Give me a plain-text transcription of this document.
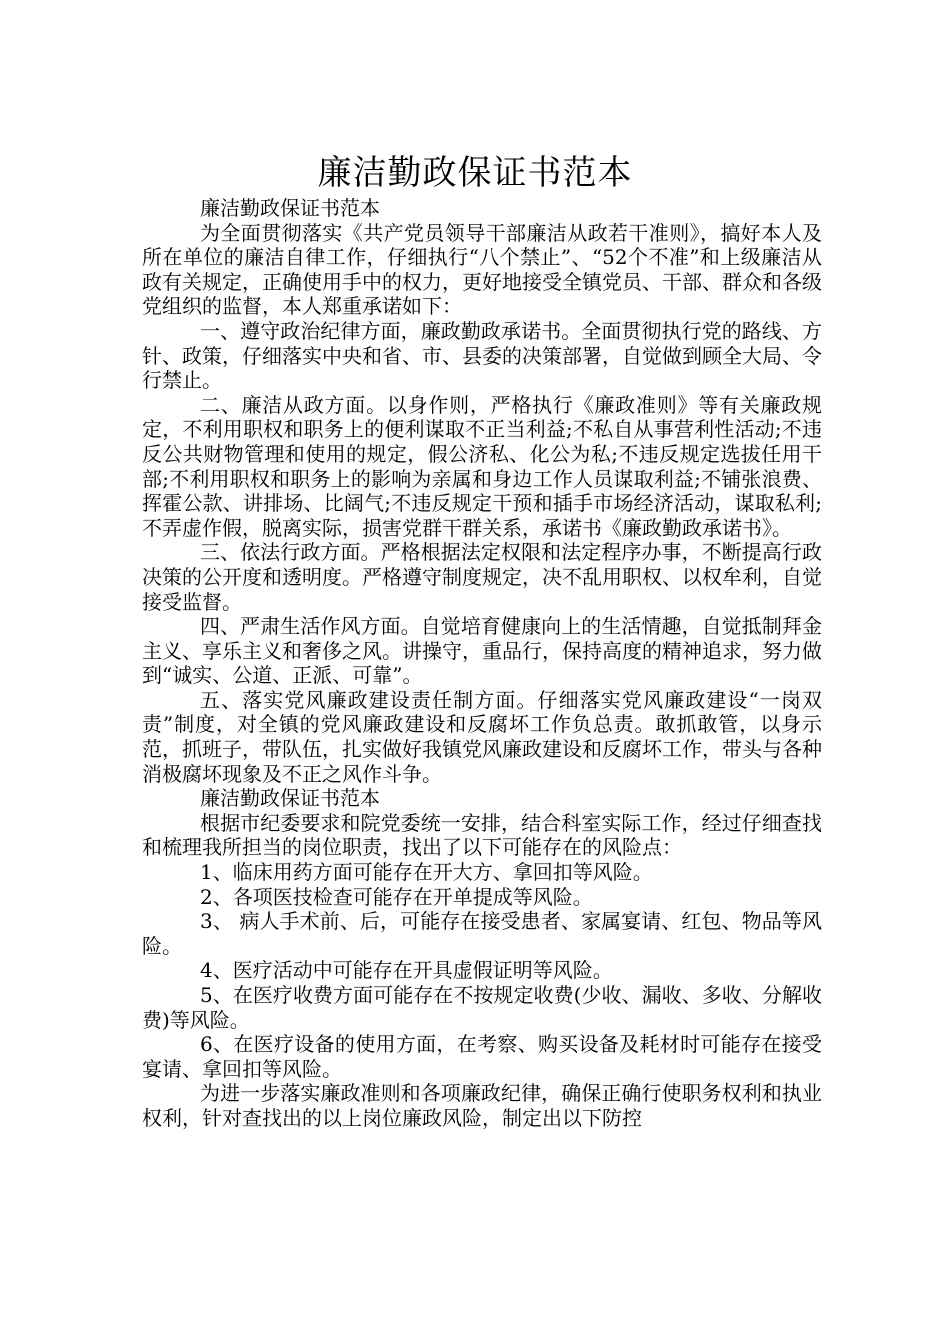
廉洁勤政保证书范本

廉洁勤政保证书范本

为全面贯彻落实《共产党员领导干部廉洁从政若干准则》，搞好本人及所在单位的廉洁自律工作，仔细执行“八个禁止”、“52个不准”和上级廉洁从政有关规定，正确使用手中的权力，更好地接受全镇党员、干部、群众和各级党组织的监督，本人郑重承诺如下：

一、遵守政治纪律方面，廉政勤政承诺书。全面贯彻执行党的路线、方针、政策，仔细落实中央和省、市、县委的决策部署，自觉做到顾全大局、令行禁止。

二、廉洁从政方面。以身作则，严格执行《廉政准则》等有关廉政规定，不利用职权和职务上的便利谋取不正当利益;不私自从事营利性活动;不违反公共财物管理和使用的规定，假公济私、化公为私;不违反规定选拔任用干部;不利用职权和职务上的影响为亲属和身边工作人员谋取利益;不铺张浪费、挥霍公款、讲排场、比阔气;不违反规定干预和插手市场经济活动，谋取私利;不弄虚作假，脱离实际，损害党群干群关系，承诺书《廉政勤政承诺书》。

三、依法行政方面。严格根据法定权限和法定程序办事，不断提高行政决策的公开度和透明度。严格遵守制度规定，决不乱用职权、以权牟利，自觉接受监督。

四、严肃生活作风方面。自觉培育健康向上的生活情趣，自觉抵制拜金主义、享乐主义和奢侈之风。讲操守，重品行，保持高度的精神追求，努力做到“诚实、公道、正派、可靠”。

五、落实党风廉政建设责任制方面。仔细落实党风廉政建设“一岗双责”制度，对全镇的党风廉政建设和反腐坏工作负总责。敢抓敢管，以身示范，抓班子，带队伍，扎实做好我镇党风廉政建设和反腐坏工作，带头与各种消极腐坏现象及不正之风作斗争。

廉洁勤政保证书范本

根据市纪委要求和院党委统一安排，结合科室实际工作，经过仔细查找和梳理我所担当的岗位职责，找出了以下可能存在的风险点：

1、临床用药方面可能存在开大方、拿回扣等风险。

2、各项医技检查可能存在开单提成等风险。

3、 病人手术前、后，可能存在接受患者、家属宴请、红包、物品等风险。

4、医疗活动中可能存在开具虚假证明等风险。

5、在医疗收费方面可能存在不按规定收费(少收、漏收、多收、分解收费)等风险。

6、在医疗设备的使用方面，在考察、购买设备及耗材时可能存在接受宴请、拿回扣等风险。

为进一步落实廉政准则和各项廉政纪律，确保正确行使职务权利和执业权利，针对查找出的以上岗位廉政风险，制定出以下防控
